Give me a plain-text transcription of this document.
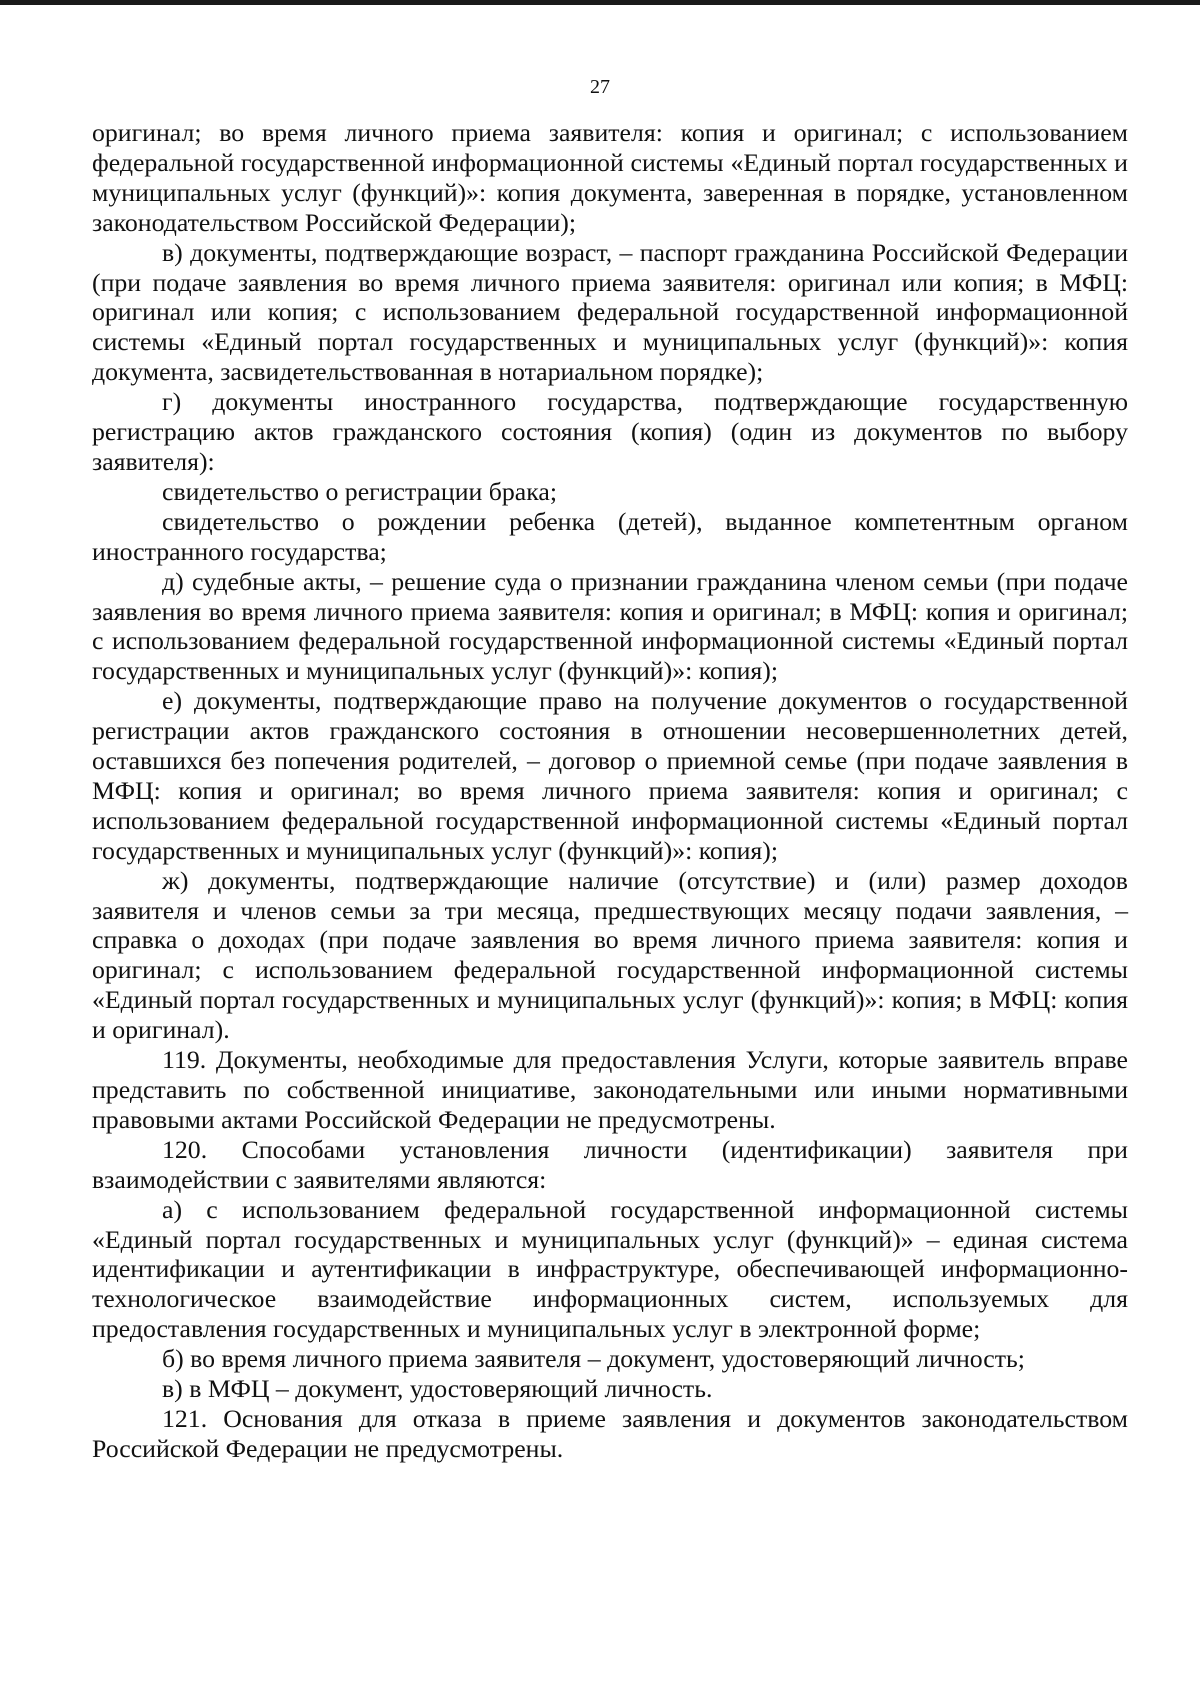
27

оригинал; во время личного приема заявителя: копия и оригинал; с использованием федеральной государственной информационной системы «Единый портал государственных и муниципальных услуг (функций)»: копия документа, заверенная в порядке, установленном законодательством Российской Федерации);

в) документы, подтверждающие возраст, – паспорт гражданина Российской Федерации (при подаче заявления во время личного приема заявителя: оригинал или копия; в МФЦ: оригинал или копия; с использованием федеральной государственной информационной системы «Единый портал государственных и муниципальных услуг (функций)»: копия документа, засвидетельствованная в нотариальном порядке);

г) документы иностранного государства, подтверждающие государственную регистрацию актов гражданского состояния (копия) (один из документов по выбору заявителя):

свидетельство о регистрации брака;

свидетельство о рождении ребенка (детей), выданное компетентным органом иностранного государства;

д) судебные акты, – решение суда о признании гражданина членом семьи (при подаче заявления во время личного приема заявителя: копия и оригинал; в МФЦ: копия и оригинал; с использованием федеральной государственной информационной системы «Единый портал государственных и муниципальных услуг (функций)»: копия);

е) документы, подтверждающие право на получение документов о государственной регистрации актов гражданского состояния в отношении несовершеннолетних детей, оставшихся без попечения родителей, – договор о приемной семье (при подаче заявления в МФЦ: копия и оригинал; во время личного приема заявителя: копия и оригинал; с использованием федеральной государственной информационной системы «Единый портал государственных и муниципальных услуг (функций)»: копия);

ж) документы, подтверждающие наличие (отсутствие) и (или) размер доходов заявителя и членов семьи за три месяца, предшествующих месяцу подачи заявления, – справка о доходах (при подаче заявления во время личного приема заявителя: копия и оригинал; с использованием федеральной государственной информационной системы «Единый портал государственных и муниципальных услуг (функций)»: копия; в МФЦ: копия и оригинал).

119. Документы, необходимые для предоставления Услуги, которые заявитель вправе представить по собственной инициативе, законодательными или иными нормативными правовыми актами Российской Федерации не предусмотрены.

120. Способами установления личности (идентификации) заявителя при взаимодействии с заявителями являются:

а) с использованием федеральной государственной информационной системы «Единый портал государственных и муниципальных услуг (функций)» – единая система идентификации и аутентификации в инфраструктуре, обеспечивающей информационно-технологическое взаимодействие информационных систем, используемых для предоставления государственных и муниципальных услуг в электронной форме;

б) во время личного приема заявителя – документ, удостоверяющий личность;

в) в МФЦ – документ, удостоверяющий личность.

121. Основания для отказа в приеме заявления и документов законодательством Российской Федерации не предусмотрены.
